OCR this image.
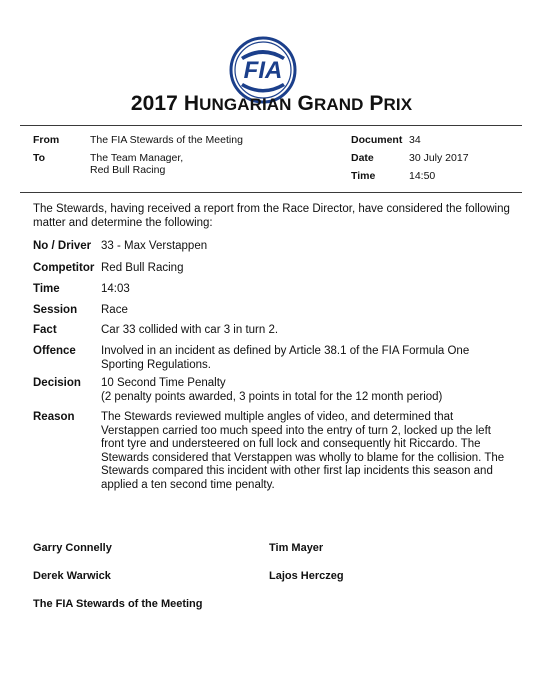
FIA
2017 HUNGARIAN GRAND PRIX
From	The FIA Stewards of the Meeting
To	The Team Manager,
Red Bull Racing
Document 34
Date	30 July 2017
Time	14:50
The Stewards, having received a report from the Race Director, have considered the following matter and determine the following:
No / Driver 33 - Max Verstappen
Competitor Red Bull Racing
Time	14:03
Session Race
Fact	Car 33 collided with car 3 in turn 2.
Offence Involved in an incident as defined by Article 38.1 of the FIA Formula One Sporting Regulations.
Decision 10 Second Time Penalty
(2 penalty points awarded, 3 points in total for the 12 month period)
Reason The Stewards reviewed multiple angles of video, and determined that Verstappen carried too much speed into the entry of turn 2, locked up the left front tyre and understeered on full lock and consequently hit Riccardo. The Stewards considered that Verstappen was wholly to blame for the collision. The Stewards compared this incident with other first lap incidents this season and applied a ten second time penalty.
Garry Connelly	Tim Mayer
Derek Warwick	Lajos Herczeg
The FIA Stewards of the Meeting
